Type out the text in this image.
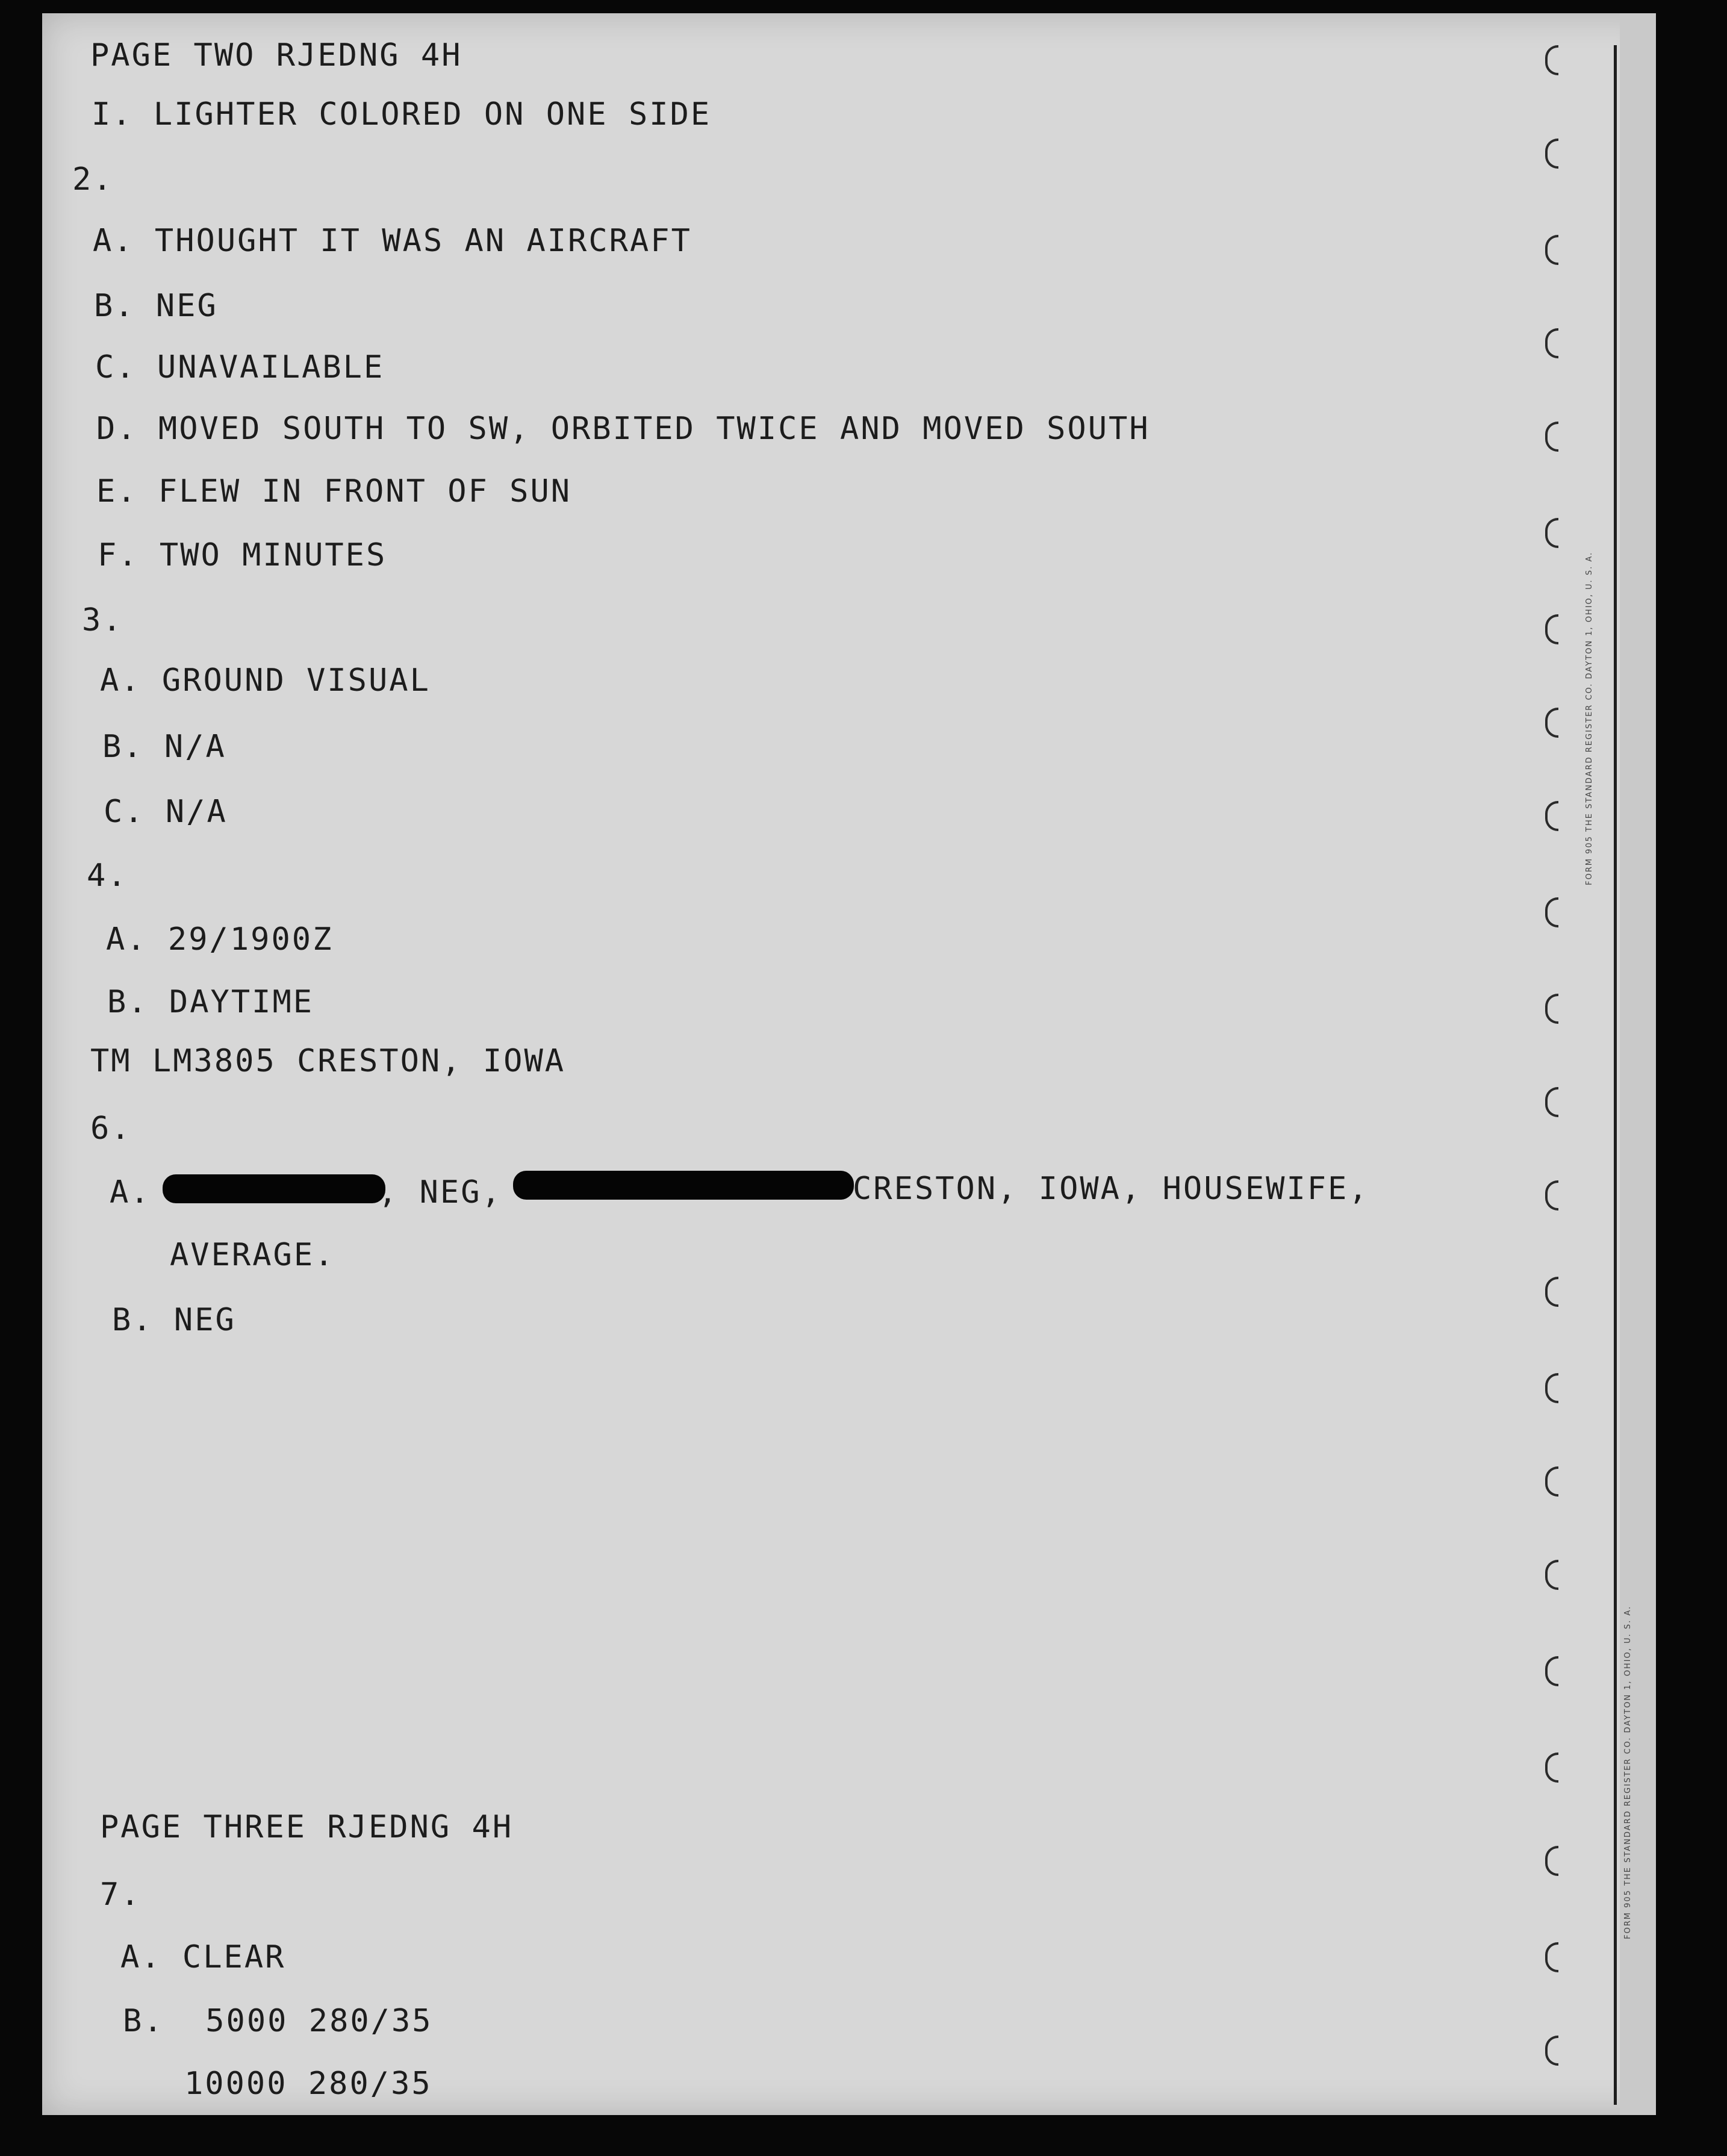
FORM 905 THE STANDARD REGISTER CO. DAYTON 1, OHIO, U. S. A.
FORM 905 THE STANDARD REGISTER CO. DAYTON 1, OHIO, U. S. A.
PAGE TWO RJEDNG 4H
I. LIGHTER COLORED ON ONE SIDE
2.
A. THOUGHT IT WAS AN AIRCRAFT
B. NEG
C. UNAVAILABLE
D. MOVED SOUTH TO SW, ORBITED TWICE AND MOVED SOUTH
E. FLEW IN FRONT OF SUN
F. TWO MINUTES
3.
A. GROUND VISUAL
B. N/A
C. N/A
4.
A. 29/1900Z
B. DAYTIME
TM LM3805 CRESTON, IOWA
6.
A.	, NEG,	CRESTON, IOWA, HOUSEWIFE,
AVERAGE.
B. NEG
PAGE THREE RJEDNG 4H
7.
A. CLEAR
B.  5000 280/35
10000 280/35
